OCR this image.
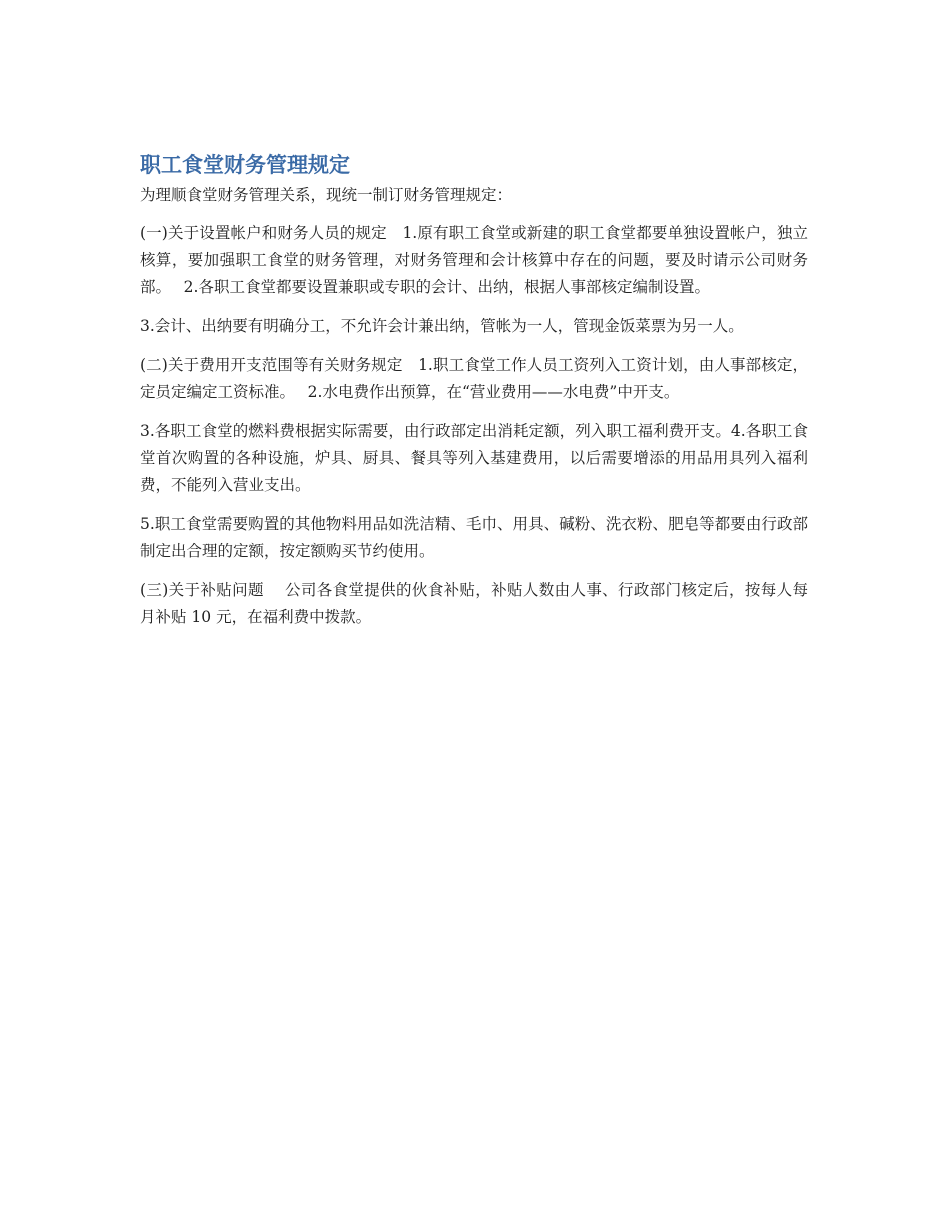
职工食堂财务管理规定

为理顺食堂财务管理关系，现统一制订财务管理规定：

(一)关于设置帐户和财务人员的规定　1.原有职工食堂或新建的职工食堂都要单独设置帐户，独立核算，要加强职工食堂的财务管理，对财务管理和会计核算中存在的问题，要及时请示公司财务部。　 2.各职工食堂都要设置兼职或专职的会计、出纳，根据人事部核定编制设置。

3.会计、出纳要有明确分工，不允许会计兼出纳，管帐为一人，管现金饭菜票为另一人。

(二)关于费用开支范围等有关财务规定　1.职工食堂工作人员工资列入工资计划，由人事部核定，定员定编定工资标准。　 2.水电费作出预算，在“营业费用——水电费”中开支。

3.各职工食堂的燃料费根据实际需要，由行政部定出消耗定额，列入职工福利费开支。4.各职工食堂首次购置的各种设施，炉具、厨具、餐具等列入基建费用，以后需要增添的用品用具列入福利费，不能列入营业支出。

5.职工食堂需要购置的其他物料用品如洗洁精、毛巾、用具、碱粉、洗衣粉、肥皂等都要由行政部制定出合理的定额，按定额购买节约使用。

(三)关于补贴问题　 公司各食堂提供的伙食补贴，补贴人数由人事、行政部门核定后，按每人每月补贴 10 元，在福利费中拨款。
